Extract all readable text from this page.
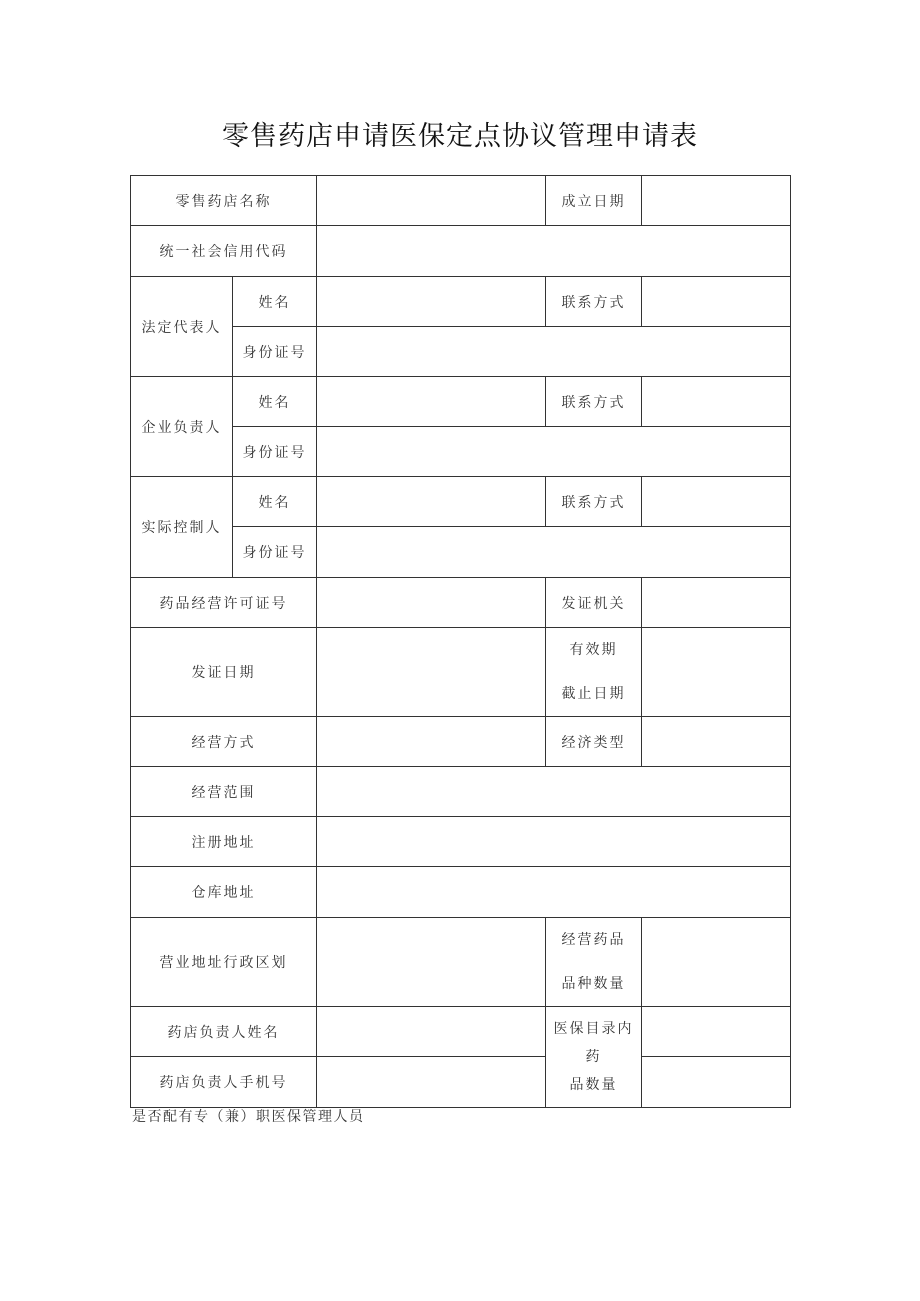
零售药店申请医保定点协议管理申请表
零售药店名称			成立日期	
统一社会信用代码				
法定代表人	姓名		联系方式	
	身份证号			
企业负责人	姓名		联系方式	
	身份证号			
实际控制人	姓名		联系方式	
	身份证号			
药品经营许可证号			发证机关	
发证日期			有效期
截止日期	

经营方式			经济类型	
经营范围				
注册地址				
仓库地址				
营业地址行政区划			经营药品
品种数量	

药店负责人姓名			医保目录内药
品数量	

药店负责人手机号				
是否配有专（兼）职医保管理人员
